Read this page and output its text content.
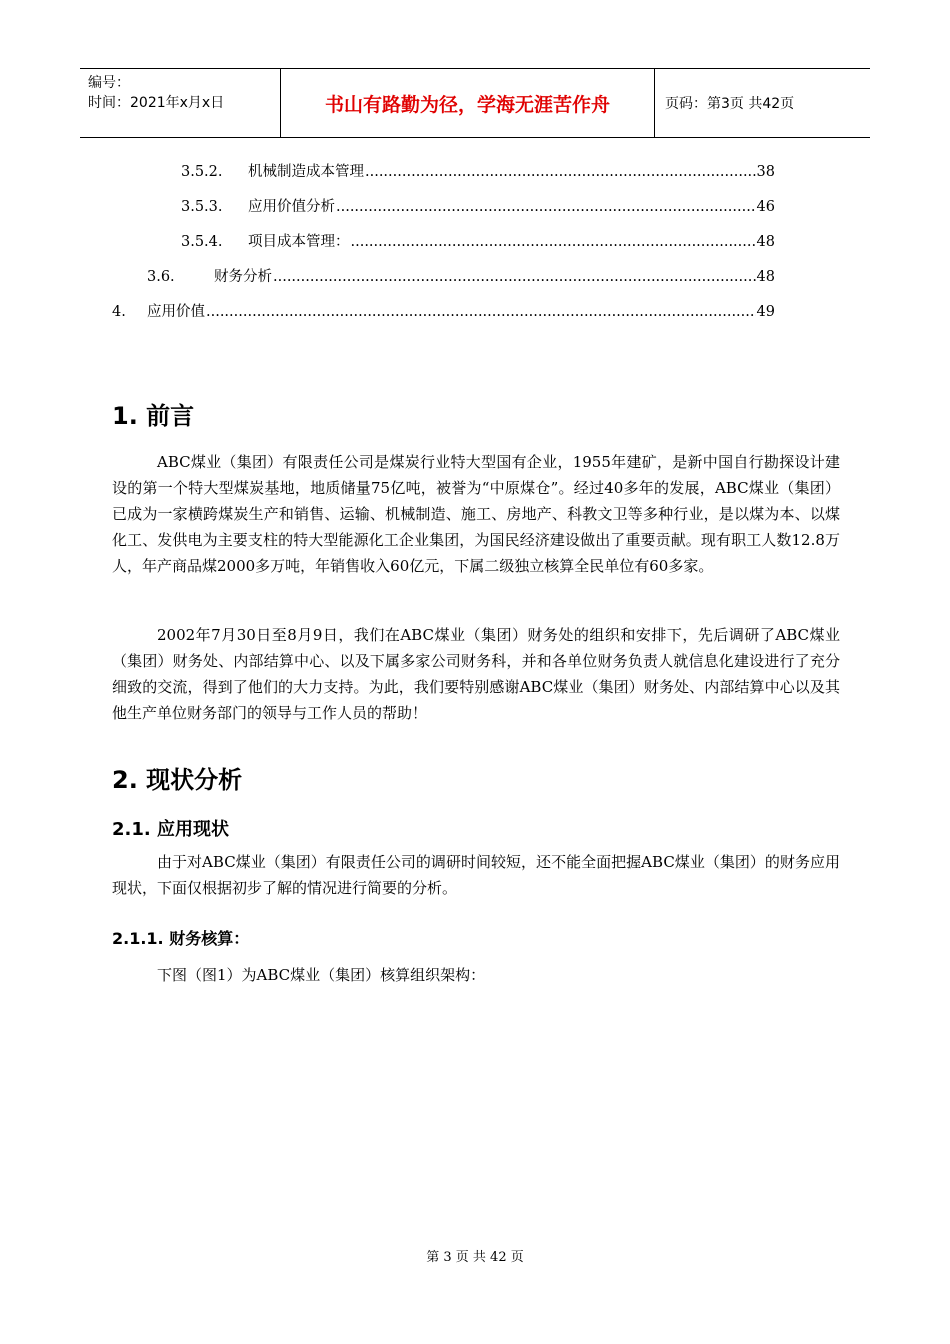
编号：
时间：2021年x月x日	书山有路勤为径，学海无涯苦作舟	页码：第3页 共42页
3.5.2.	机械制造成本管理 .....	38
3.5.3.	应用价值分析 .....	46
3.5.4.	项目成本管理： .....	48
3.6.	财务分析 .....	48
4.	应用价值 .....	49
1. 前言

ABC煤业（集团）有限责任公司是煤炭行业特大型国有企业，1955年建矿，是新中国自行勘探设计建设的第一个特大型煤炭基地，地质储量75亿吨，被誉为“中原煤仓”。经过40多年的发展，ABC煤业（集团）已成为一家横跨煤炭生产和销售、运输、机械制造、施工、房地产、科教文卫等多种行业，是以煤为本、以煤化工、发供电为主要支柱的特大型能源化工企业集团，为国民经济建设做出了重要贡献。现有职工人数12.8万人，年产商品煤2000多万吨，年销售收入60亿元，下属二级独立核算全民单位有60多家。

2002年7月30日至8月9日，我们在ABC煤业（集团）财务处的组织和安排下，先后调研了ABC煤业（集团）财务处、内部结算中心、以及下属多家公司财务科，并和各单位财务负责人就信息化建设进行了充分细致的交流，得到了他们的大力支持。为此，我们要特别感谢ABC煤业（集团）财务处、内部结算中心以及其他生产单位财务部门的领导与工作人员的帮助！

2. 现状分析
2.1. 应用现状

由于对ABC煤业（集团）有限责任公司的调研时间较短，还不能全面把握ABC煤业（集团）的财务应用现状，下面仅根据初步了解的情况进行简要的分析。

2.1.1. 财务核算：

下图（图1）为ABC煤业（集团）核算组织架构：

第 3 页 共 42 页
